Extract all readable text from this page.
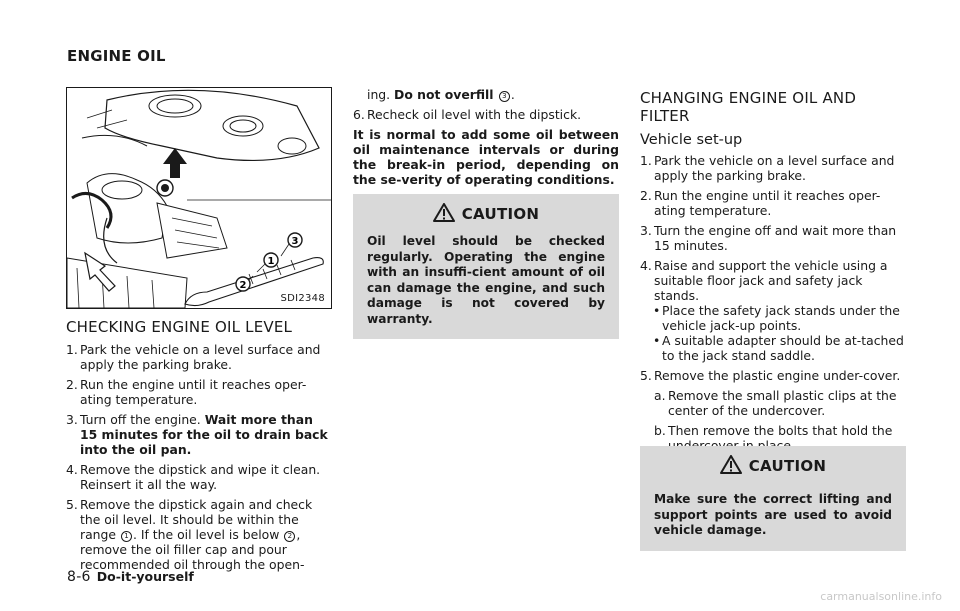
ENGINE OIL
3
1
2
SDI2348
CHECKING ENGINE OIL LEVEL
1. Park the vehicle on a level surface and apply the parking brake.
2. Run the engine until it reaches oper-ating temperature.
3. Turn off the engine. Wait more than 15 minutes for the oil to drain back into the oil pan.
4. Remove the dipstick and wipe it clean. Reinsert it all the way.
5. Remove the dipstick again and check the oil level. It should be within the range 1 . If the oil level is below 2 , remove the oil filler cap and pour recommended oil through the open-
ing. Do not overfill 3 .
6. Recheck oil level with the dipstick.
It is normal to add some oil between oil maintenance intervals or during the break-in period, depending on the se-verity of operating conditions.
CAUTION
Oil level should be checked regularly. Operating the engine with an insuffi-cient amount of oil can damage the engine, and such damage is not covered by warranty.
CHANGING ENGINE OIL AND FILTER
Vehicle set-up
1. Park the vehicle on a level surface and apply the parking brake.
2. Run the engine until it reaches oper-ating temperature.
3. Turn the engine off and wait more than 15 minutes.
4. Raise and support the vehicle using a suitable floor jack and safety jack stands.
• Place the safety jack stands under the vehicle jack-up points.
• A suitable adapter should be at-tached to the jack stand saddle.
5. Remove the plastic engine under-cover.
a. Remove the small plastic clips at the center of the undercover.
b. Then remove the bolts that hold the
CAUTION
Make sure the correct lifting and support points are used to avoid vehicle damage.
8-6 Do-it-yourself
carmanualsonline.info
